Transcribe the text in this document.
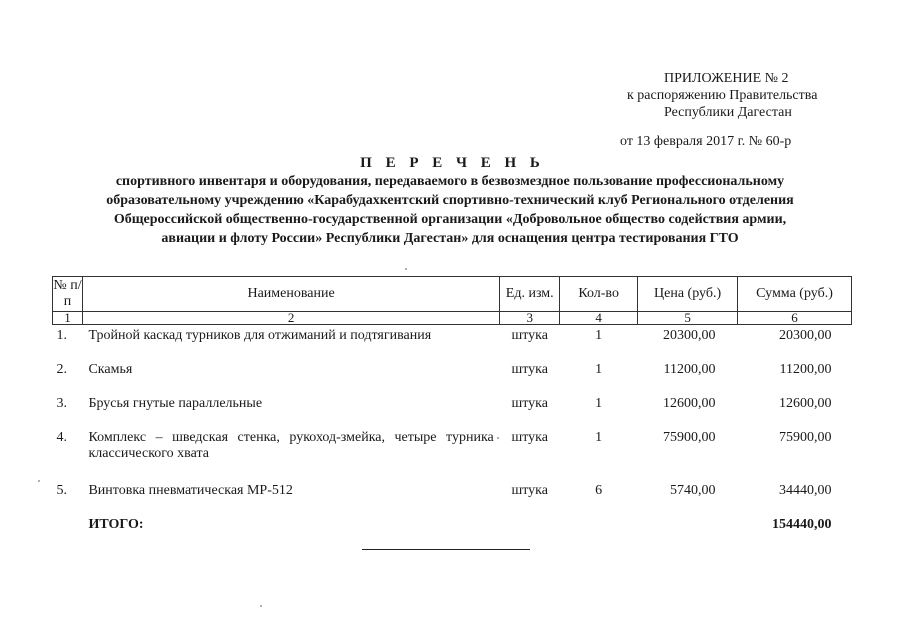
ПРИЛОЖЕНИЕ № 2
к распоряжению Правительства
Республики Дагестан
от 13 февраля 2017 г. № 60-р
П Е Р Е Ч Е Н Ь
спортивного инвентаря и оборудования, передаваемого в безвозмездное пользование профессиональному
образовательному учреждению «Карабудахкентский спортивно-технический клуб Регионального отделения
Общероссийской общественно-государственной организации «Добровольное общество содействия армии,
авиации и флоту России» Республики Дагестан» для оснащения центра тестирования ГТО
№ п/п	Наименование	Ед. изм.	Кол-во	Цена (руб.)	Сумма (руб.)
1	2	3	4	5	6
1.	Тройной каскад турников для отжиманий и подтягивания	штука	1	20300,00	20300,00
2.	Скамья	штука	1	11200,00	11200,00
3.	Брусья гнутые параллельные	штука	1	12600,00	12600,00
4.	Комплекс – шведская стенка, рукоход-змейка, четыре турника классического хвата	штука	1	75900,00	75900,00
5.	Винтовка пневматическая МР-512	штука	6	5740,00	34440,00
	ИТОГО:				154440,00
